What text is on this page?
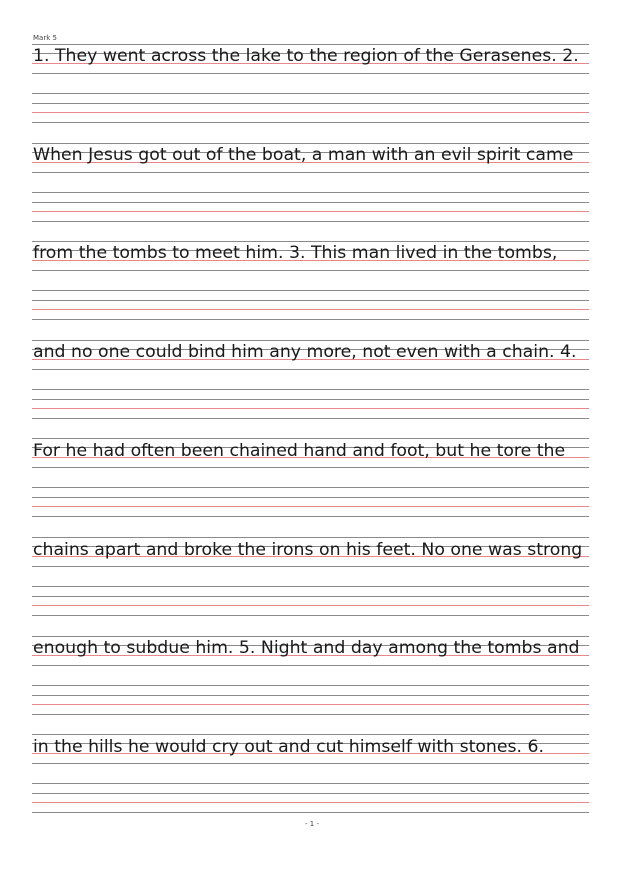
Mark 5
1. They went across the lake to the region of the Gerasenes. 2.
When Jesus got out of the boat, a man with an evil spirit came
from the tombs to meet him. 3. This man lived in the tombs,
and no one could bind him any more, not even with a chain. 4.
For he had often been chained hand and foot, but he tore the
chains apart and broke the irons on his feet. No one was strong
enough to subdue him. 5. Night and day among the tombs and
in the hills he would cry out and cut himself with stones. 6.
- 1 -
